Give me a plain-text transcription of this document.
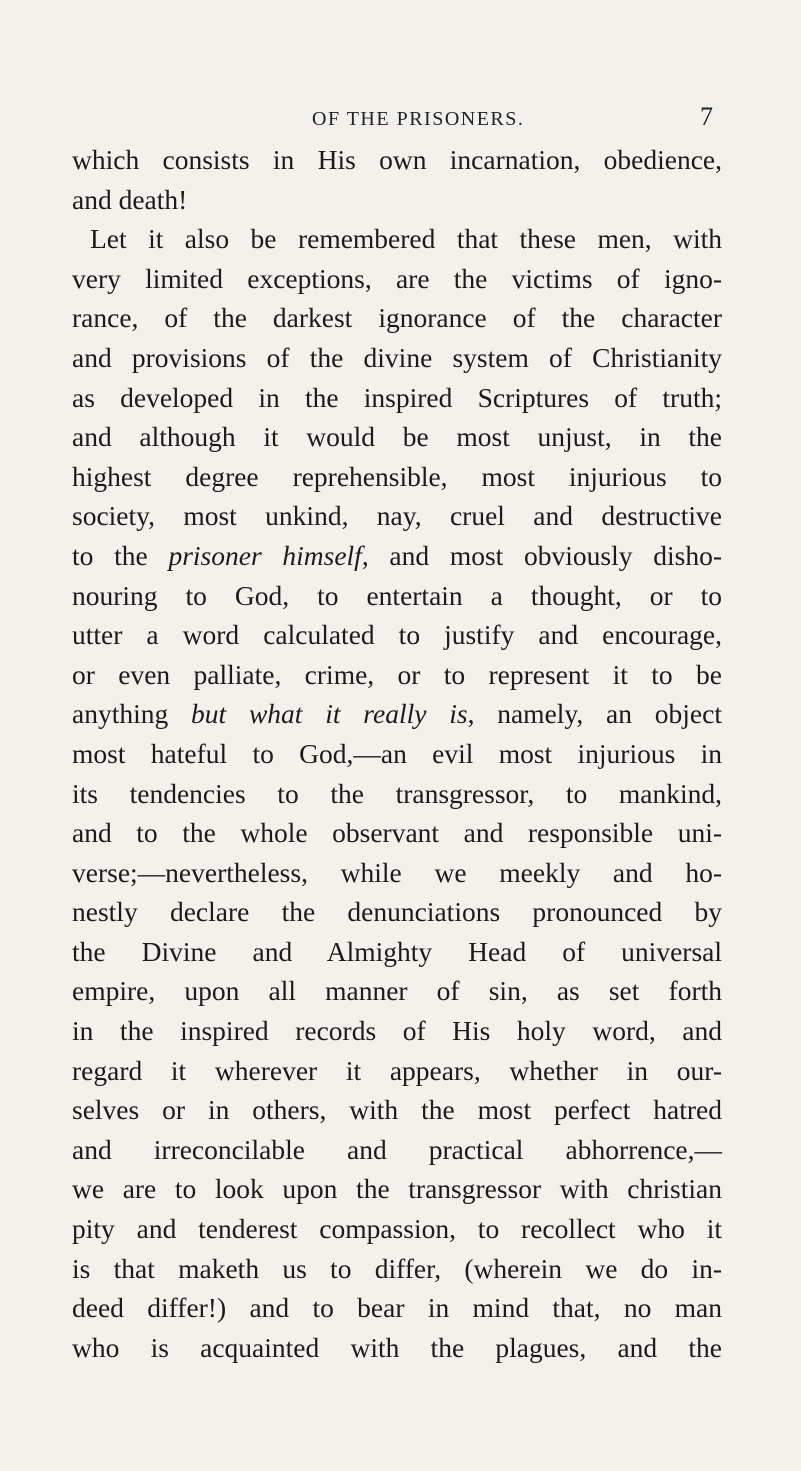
OF THE PRISONERS.	7
which consists in His own incarnation, obedience,
and death!
Let it also be remembered that these men, with
very limited exceptions, are the victims of igno-
rance, of the darkest ignorance of the character
and provisions of the divine system of Christianity
as developed in the inspired Scriptures of truth;
and although it would be most unjust, in the
highest degree reprehensible, most injurious to
society, most unkind, nay, cruel and destructive
to the prisoner himself, and most obviously disho-
nouring to God, to entertain a thought, or to
utter a word calculated to justify and encourage,
or even palliate, crime, or to represent it to be
anything but what it really is, namely, an object
most hateful to God,—an evil most injurious in
its tendencies to the transgressor, to mankind,
and to the whole observant and responsible uni-
verse;—nevertheless, while we meekly and ho-
nestly declare the denunciations pronounced by
the Divine and Almighty Head of universal
empire, upon all manner of sin, as set forth
in the inspired records of His holy word, and
regard it wherever it appears, whether in our-
selves or in others, with the most perfect hatred
and irreconcilable and practical abhorrence,—
we are to look upon the transgressor with christian
pity and tenderest compassion, to recollect who it
is that maketh us to differ, (wherein we do in-
deed differ!) and to bear in mind that, no man
who is acquainted with the plagues, and the
